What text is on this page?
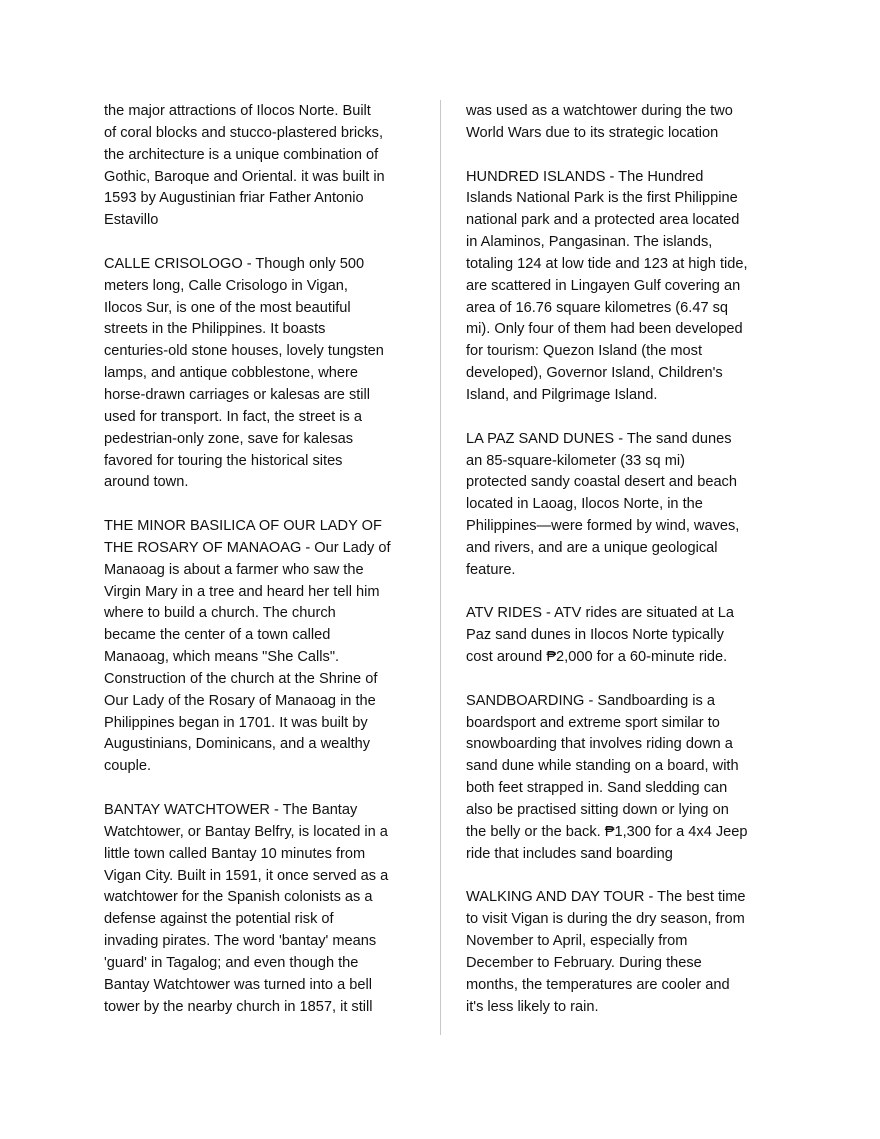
the major attractions of Ilocos Norte. Built
of coral blocks and stucco-plastered bricks,
the architecture is a unique combination of
Gothic, Baroque and Oriental. it was built in
1593 by Augustinian friar Father Antonio
Estavillo
CALLE CRISOLOGO - Though only 500
meters long, Calle Crisologo in Vigan,
Ilocos Sur, is one of the most beautiful
streets in the Philippines. It boasts
centuries-old stone houses, lovely tungsten
lamps, and antique cobblestone, where
horse-drawn carriages or kalesas are still
used for transport. In fact, the street is a
pedestrian-only zone, save for kalesas
favored for touring the historical sites
around town.
THE MINOR BASILICA OF OUR LADY OF
THE ROSARY OF MANAOAG - Our Lady of
Manaoag is about a farmer who saw the
Virgin Mary in a tree and heard her tell him
where to build a church. The church
became the center of a town called
Manaoag, which means "She Calls".
Construction of the church at the Shrine of
Our Lady of the Rosary of Manaoag in the
Philippines began in 1701. It was built by
Augustinians, Dominicans, and a wealthy
couple.
BANTAY WATCHTOWER - The Bantay
Watchtower, or Bantay Belfry, is located in a
little town called Bantay 10 minutes from
Vigan City. Built in 1591, it once served as a
watchtower for the Spanish colonists as a
defense against the potential risk of
invading pirates. The word 'bantay' means
'guard' in Tagalog; and even though the
Bantay Watchtower was turned into a bell
tower by the nearby church in 1857, it still
was used as a watchtower during the two
World Wars due to its strategic location
HUNDRED ISLANDS - The Hundred
Islands National Park is the first Philippine
national park and a protected area located
in Alaminos, Pangasinan. The islands,
totaling 124 at low tide and 123 at high tide,
are scattered in Lingayen Gulf covering an
area of 16.76 square kilometres (6.47 sq
mi). Only four of them had been developed
for tourism: Quezon Island (the most
developed), Governor Island, Children's
Island, and Pilgrimage Island.
LA PAZ SAND DUNES - The sand dunes
an 85-square-kilometer (33 sq mi)
protected sandy coastal desert and beach
located in Laoag, Ilocos Norte, in the
Philippines—were formed by wind, waves,
and rivers, and are a unique geological
feature.
ATV RIDES - ATV rides are situated at La
Paz sand dunes in Ilocos Norte typically
cost around ₱2,000 for a 60-minute ride.
SANDBOARDING - Sandboarding is a
boardsport and extreme sport similar to
snowboarding that involves riding down a
sand dune while standing on a board, with
both feet strapped in. Sand sledding can
also be practised sitting down or lying on
the belly or the back. ₱1,300 for a 4x4 Jeep
ride that includes sand boarding
WALKING AND DAY TOUR - The best time
to visit Vigan is during the dry season, from
November to April, especially from
December to February. During these
months, the temperatures are cooler and
it's less likely to rain.
